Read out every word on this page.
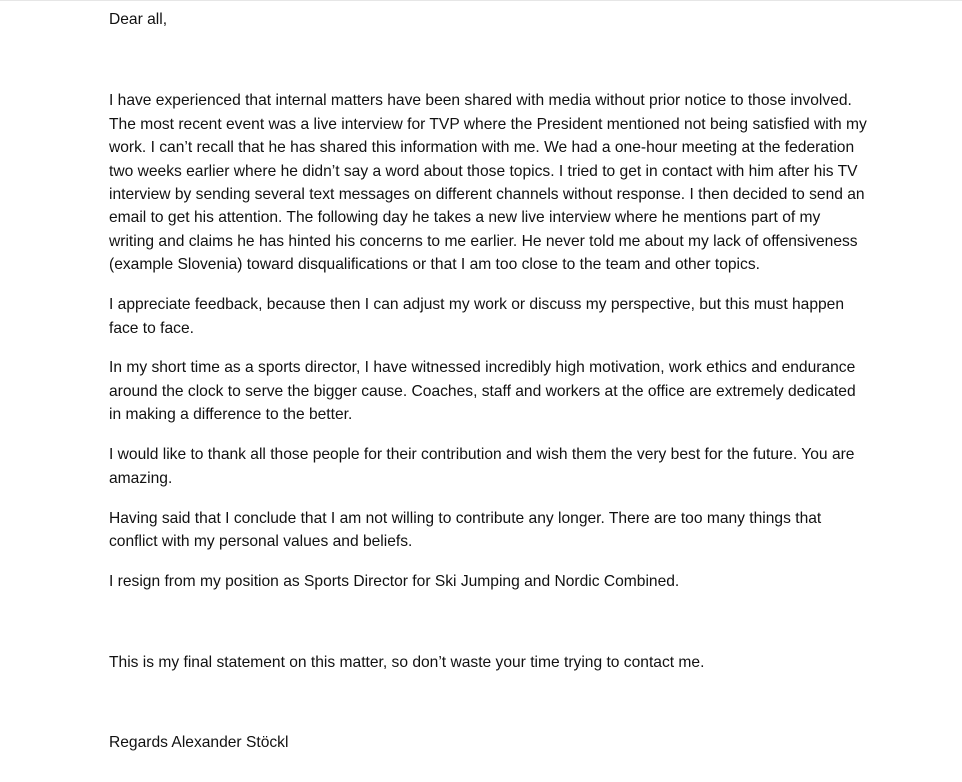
Dear all,

I have experienced that internal matters have been shared with media without prior notice to those involved. The most recent event was a live interview for TVP where the President mentioned not being satisfied with my work. I can’t recall that he has shared this information with me. We had a one-hour meeting at the federation two weeks earlier where he didn’t say a word about those topics. I tried to get in contact with him after his TV interview by sending several text messages on different channels without response. I then decided to send an email to get his attention. The following day he takes a new live interview where he mentions part of my writing and claims he has hinted his concerns to me earlier. He never told me about my lack of offensiveness (example Slovenia) toward disqualifications or that I am too close to the team and other topics.

I appreciate feedback, because then I can adjust my work or discuss my perspective, but this must happen face to face.

In my short time as a sports director, I have witnessed incredibly high motivation, work ethics and endurance around the clock to serve the bigger cause. Coaches, staff and workers at the office are extremely dedicated in making a difference to the better.

I would like to thank all those people for their contribution and wish them the very best for the future. You are amazing.

Having said that I conclude that I am not willing to contribute any longer. There are too many things that conflict with my personal values and beliefs.

I resign from my position as Sports Director for Ski Jumping and Nordic Combined.

This is my final statement on this matter, so don’t waste your time trying to contact me.

Regards Alexander Stöckl
